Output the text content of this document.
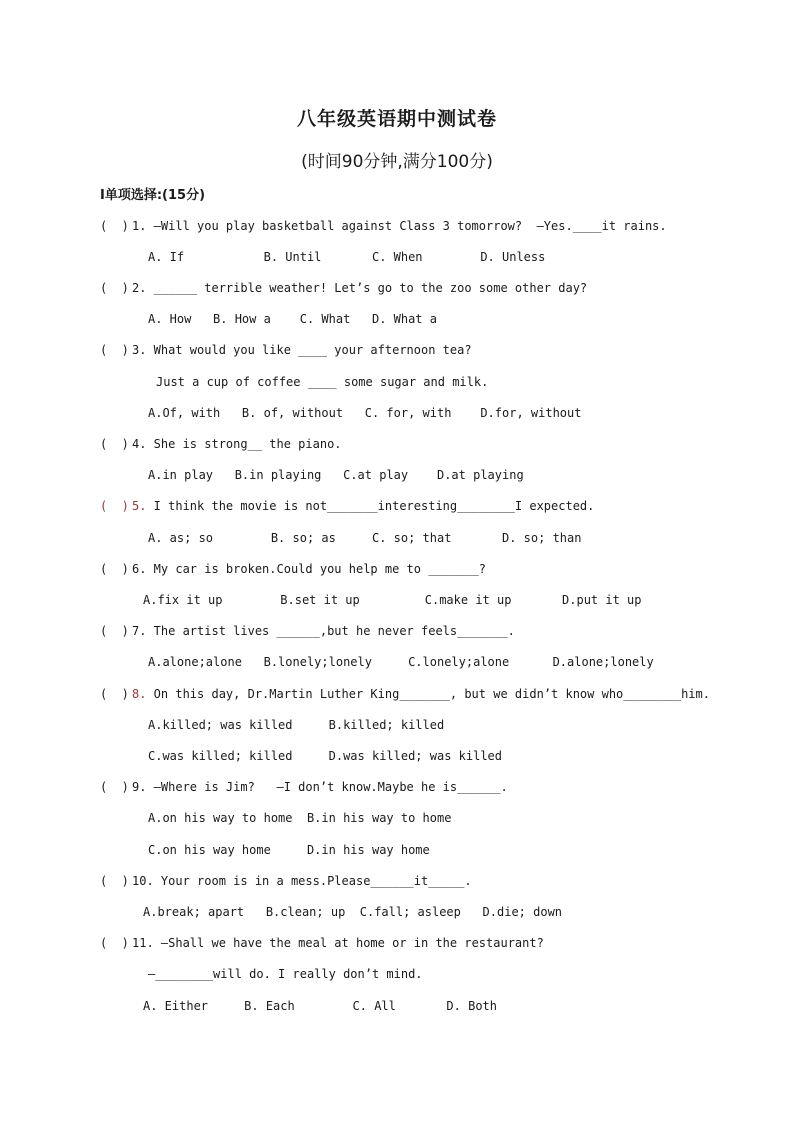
八年级英语期中测试卷
(时间90分钟,满分100分)
Ⅰ单项选择:(15分)
(  ) 1. —Will you play basketball against Class 3 tomorrow?  —Yes.____it rains.
A. If           B. Until       C. When        D. Unless
(  ) 2. ______ terrible weather! Let’s go to the zoo some other day?
A. How   B. How a    C. What   D. What a
(  ) 3. What would you like ____ your afternoon tea?
Just a cup of coffee ____ some sugar and milk.
A.Of, with   B. of, without   C. for, with    D.for, without
(  ) 4. She is strong__ the piano.
A.in play   B.in playing   C.at play    D.at playing
(  ) 5. I think the movie is not_______interesting________I expected.
A. as; so        B. so; as     C. so; that       D. so; than
(  ) 6. My car is broken.Could you help me to _______?
A.fix it up        B.set it up         C.make it up       D.put it up
(  ) 7. The artist lives ______,but he never feels_______.
A.alone;alone   B.lonely;lonely     C.lonely;alone      D.alone;lonely
(  ) 8. On this day, Dr.Martin Luther King_______, but we didn’t know who________him.
A.killed; was killed     B.killed; killed
C.was killed; killed     D.was killed; was killed
(  ) 9. —Where is Jim?   —I don’t know.Maybe he is______.
A.on his way to home  B.in his way to home
C.on his way home     D.in his way home
(  ) 10. Your room is in a mess.Please______it_____.
A.break; apart   B.clean; up  C.fall; asleep   D.die; down
(  ) 11. —Shall we have the meal at home or in the restaurant?
—________will do. I really don’t mind.
A. Either     B. Each        C. All       D. Both
